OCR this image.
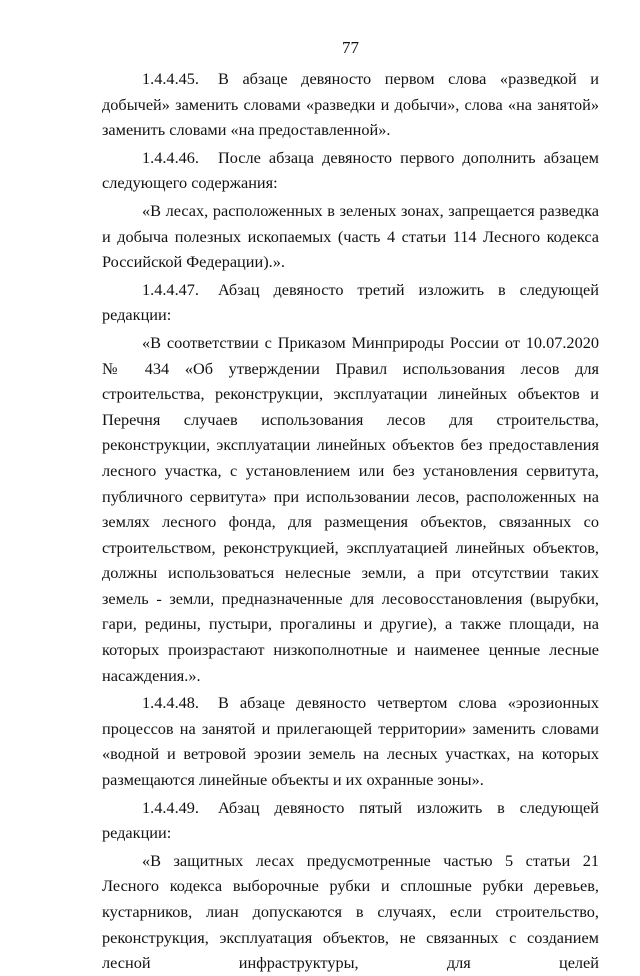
77

1.4.4.45. В абзаце девяносто первом слова «разведкой и добычей» заменить словами «разведки и добычи», слова «на занятой» заменить словами «на предоставленной».

1.4.4.46. После абзаца девяносто первого дополнить абзацем следующего содержания:

«В лесах, расположенных в зеленых зонах, запрещается разведка и добыча полезных ископаемых (часть 4 статьи 114 Лесного кодекса Российской Федерации).».

1.4.4.47. Абзац девяносто третий изложить в следующей редакции:

«В соответствии с Приказом Минприроды России от 10.07.2020 № 434 «Об утверждении Правил использования лесов для строительства, реконструкции, эксплуатации линейных объектов и Перечня случаев использования лесов для строительства, реконструкции, эксплуатации линейных объектов без предоставления лесного участка, с установлением или без установления сервитута, публичного сервитута» при использовании лесов, расположенных на землях лесного фонда, для размещения объектов, связанных со строительством, реконструкцией, эксплуатацией линейных объектов, должны использоваться нелесные земли, а при отсутствии таких земель - земли, предназначенные для лесовосстановления (вырубки, гари, редины, пустыри, прогалины и другие), а также площади, на которых произрастают низкополнотные и наименее ценные лесные насаждения.».

1.4.4.48. В абзаце девяносто четвертом слова «эрозионных процессов на занятой и прилегающей территории» заменить словами «водной и ветровой эрозии земель на лесных участках, на которых размещаются линейные объекты и их охранные зоны».

1.4.4.49. Абзац девяносто пятый изложить в следующей редакции:

«В защитных лесах предусмотренные частью 5 статьи 21 Лесного кодекса выборочные рубки и сплошные рубки деревьев, кустарников, лиан допускаются в случаях, если строительство, реконструкция, эксплуатация объектов, не связанных с созданием лесной инфраструктуры, для целей
